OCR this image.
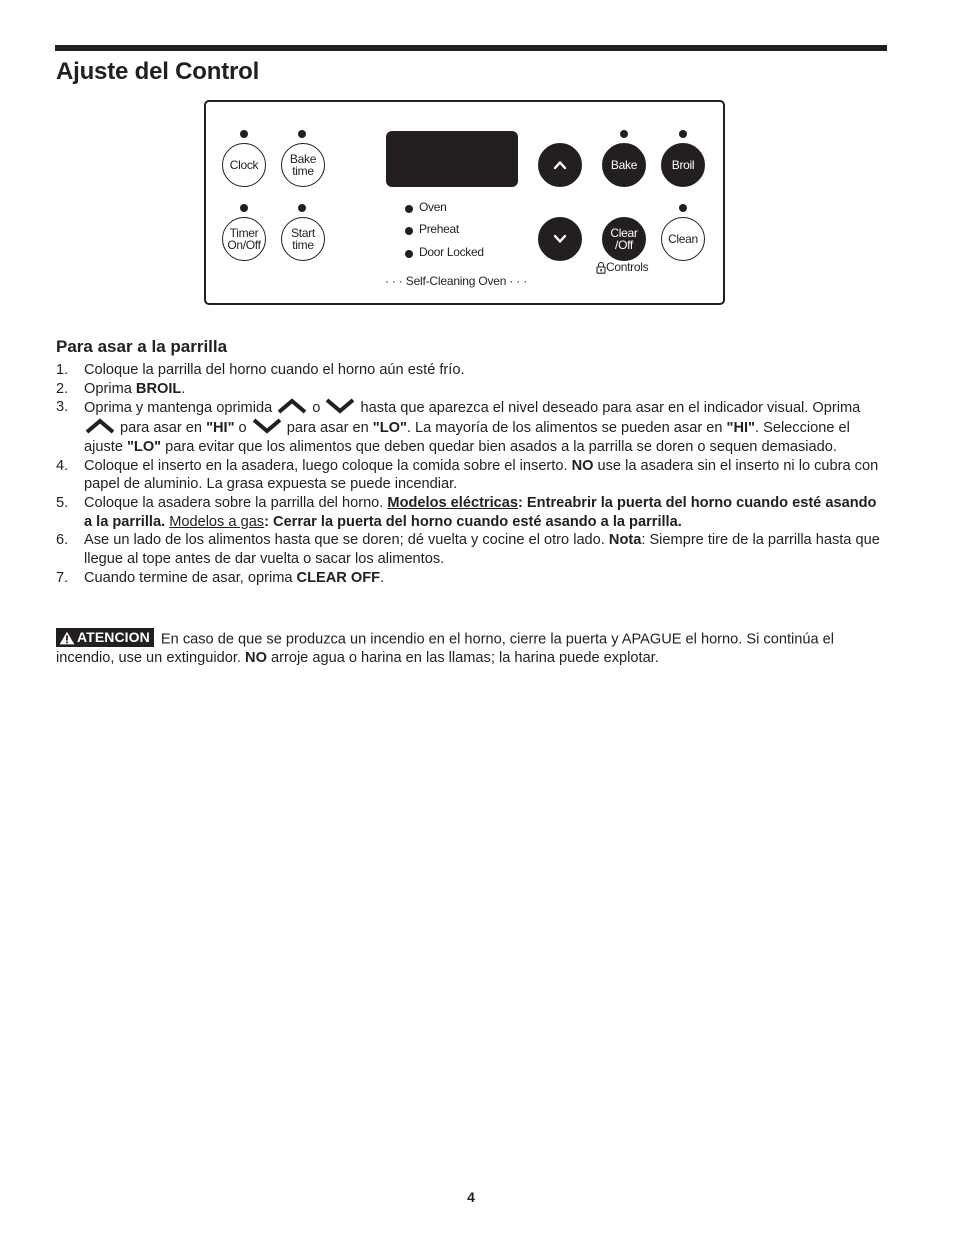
Ajuste del Control
Clock	Bake
time
Timer
On/Off
Start
time
Oven
Preheat
Door Locked
Bake	Broil
Clear
/Off	Clean
Controls
· · · Self-Cleaning Oven · · ·
Para asar a la parrilla
1. Coloque la parrilla del horno cuando el horno aún esté frío.
2. Oprima BROIL.
3. Oprima y mantenga oprimida  o  hasta que aparezca el nivel deseado para asar en el indicador visual. Oprima  para asar en "HI" o  para asar en "LO". La mayoría de los alimentos se pueden asar en "HI". Seleccione el ajuste "LO" para evitar que los alimentos que deben quedar bien asados a la parrilla se doren o sequen demasiado.
4. Coloque el inserto en la asadera, luego coloque la comida sobre el inserto. NO use la asadera sin el inserto ni lo cubra con papel de aluminio. La grasa expuesta se puede incendiar.
5. Coloque la asadera sobre la parrilla del horno. Modelos eléctricas: Entreabrir la puerta del horno cuando esté asando a la parrilla. Modelos a gas: Cerrar la puerta del horno cuando esté asando a la parrilla.
6. Ase un lado de los alimentos hasta que se doren; dé vuelta y cocine el otro lado. Nota: Siempre tire de la parrilla hasta que llegue al tope antes de dar vuelta o sacar los alimentos.
7. Cuando termine de asar, oprima CLEAR OFF.

ATENCION En caso de que se produzca un incendio en el horno, cierre la puerta y APAGUE el horno. Si continúa el incendio, use un extinguidor. NO arroje agua o harina en las llamas; la harina puede explotar.

4
